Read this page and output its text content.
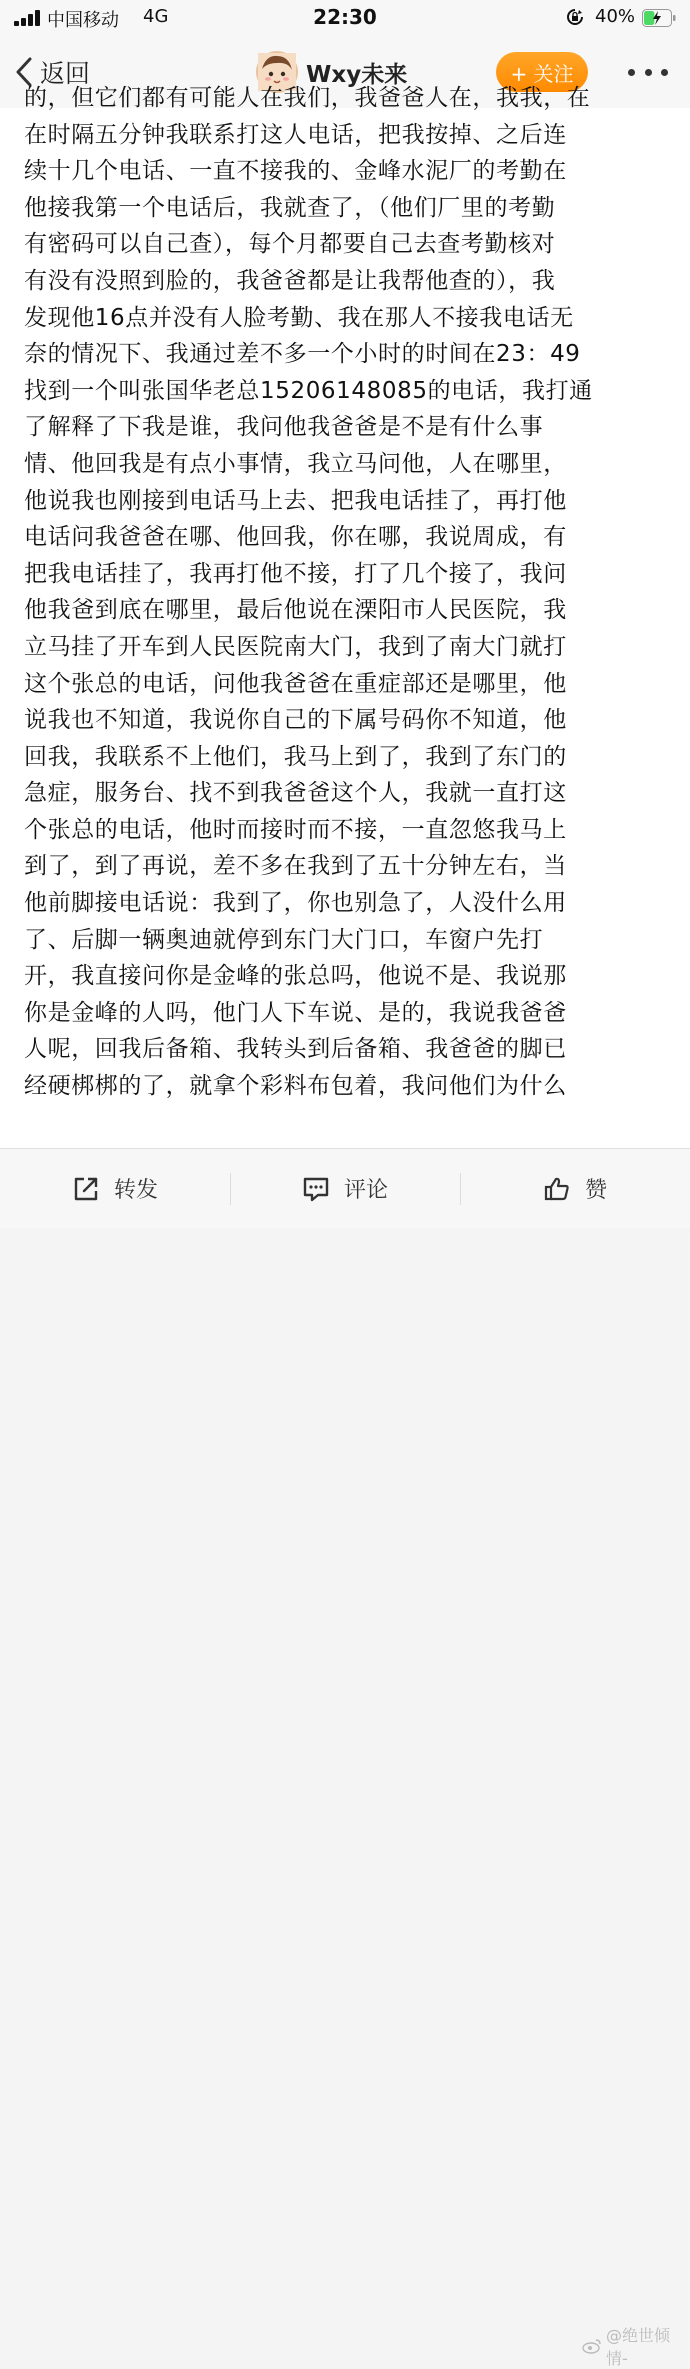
中国移动 4G	22:30	40%
返回	Wxy未来	+ 关注
的，但它们都有可能人在我们，我爸爸人在，我我，在
在时隔五分钟我联系打这人电话，把我按掉、之后连
续十几个电话、一直不接我的、金峰水泥厂的考勤在
他接我第一个电话后，我就查了，（他们厂里的考勤
有密码可以自己查），每个月都要自己去查考勤核对
有没有没照到脸的，我爸爸都是让我帮他查的），我
发现他16点并没有人脸考勤、我在那人不接我电话无
奈的情况下、我通过差不多一个小时的时间在23：49
找到一个叫张国华老总15206148085的电话，我打通
了解释了下我是谁，我问他我爸爸是不是有什么事
情、他回我是有点小事情，我立马问他，人在哪里，
他说我也刚接到电话马上去、把我电话挂了，再打他
电话问我爸爸在哪、他回我，你在哪，我说周成，有
把我电话挂了，我再打他不接，打了几个接了，我问
他我爸到底在哪里，最后他说在溧阳市人民医院，我
立马挂了开车到人民医院南大门，我到了南大门就打
这个张总的电话，问他我爸爸在重症部还是哪里，他
说我也不知道，我说你自己的下属号码你不知道，他
回我，我联系不上他们，我马上到了，我到了东门的
急症，服务台、找不到我爸爸这个人，我就一直打这
个张总的电话，他时而接时而不接，一直忽悠我马上
到了，到了再说，差不多在我到了五十分钟左右，当
他前脚接电话说：我到了，你也别急了，人没什么用
了、后脚一辆奥迪就停到东门大门口，车窗户先打
开，我直接问你是金峰的张总吗，他说不是、我说那
你是金峰的人吗，他门人下车说、是的，我说我爸爸
人呢，回我后备箱、我转头到后备箱、我爸爸的脚已
经硬梆梆的了，就拿个彩料布包着，我问他们为什么
转发	评论	赞
@绝世倾情-
